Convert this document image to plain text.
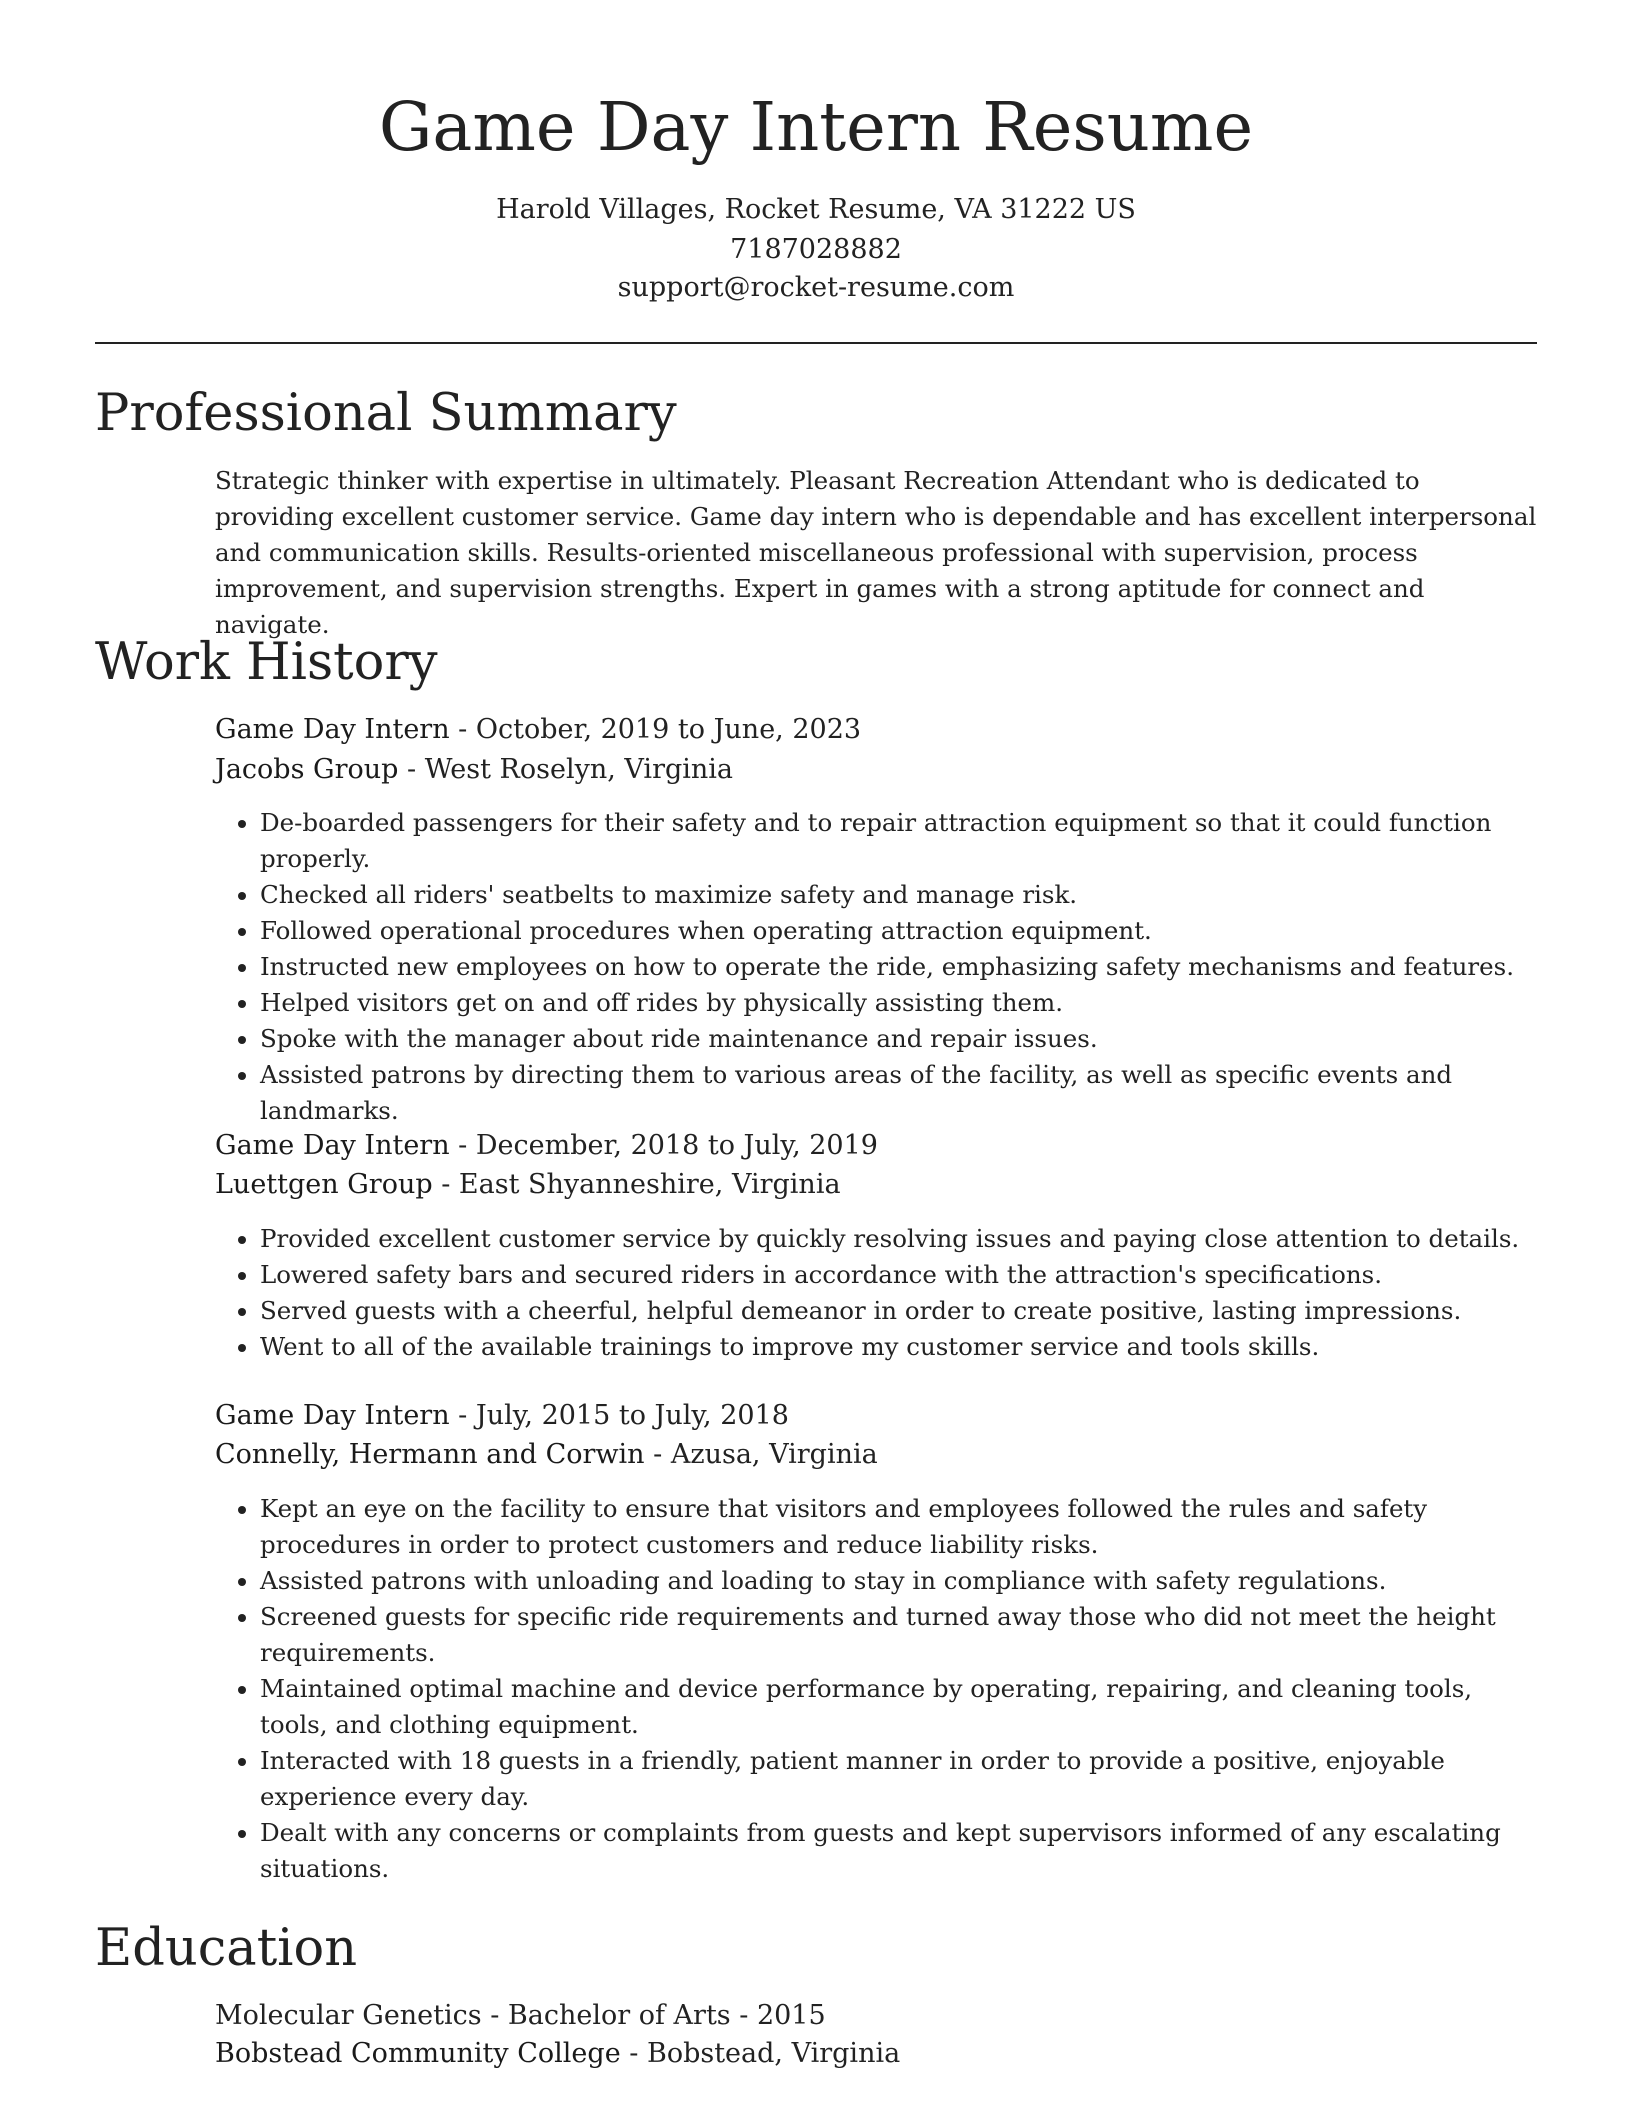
Game Day Intern Resume
Harold Villages, Rocket Resume, VA 31222 US
7187028882
support@rocket-resume.com
Professional Summary

Strategic thinker with expertise in ultimately. Pleasant Recreation Attendant who is dedicated to providing excellent customer service. Game day intern who is dependable and has excellent interpersonal and communication skills. Results-oriented miscellaneous professional with supervision, process improvement, and supervision strengths. Expert in games with a strong aptitude for connect and navigate.

Work History
Game Day Intern - October, 2019 to June, 2023
Jacobs Group - West Roselyn, Virginia
• De-boarded passengers for their safety and to repair attraction equipment so that it could function properly.
• Checked all riders' seatbelts to maximize safety and manage risk.
• Followed operational procedures when operating attraction equipment.
• Instructed new employees on how to operate the ride, emphasizing safety mechanisms and features.
• Helped visitors get on and off rides by physically assisting them.
• Spoke with the manager about ride maintenance and repair issues.
• Assisted patrons by directing them to various areas of the facility, as well as specific events and landmarks.
Game Day Intern - December, 2018 to July, 2019
Luettgen Group - East Shyanneshire, Virginia
• Provided excellent customer service by quickly resolving issues and paying close attention to details.
• Lowered safety bars and secured riders in accordance with the attraction's specifications.
• Served guests with a cheerful, helpful demeanor in order to create positive, lasting impressions.
• Went to all of the available trainings to improve my customer service and tools skills.
Game Day Intern - July, 2015 to July, 2018
Connelly, Hermann and Corwin - Azusa, Virginia
• Kept an eye on the facility to ensure that visitors and employees followed the rules and safety procedures in order to protect customers and reduce liability risks.
• Assisted patrons with unloading and loading to stay in compliance with safety regulations.
• Screened guests for specific ride requirements and turned away those who did not meet the height requirements.
• Maintained optimal machine and device performance by operating, repairing, and cleaning tools, tools, and clothing equipment.
• Interacted with 18 guests in a friendly, patient manner in order to provide a positive, enjoyable experience every day.
• Dealt with any concerns or complaints from guests and kept supervisors informed of any escalating situations.
Education
Molecular Genetics - Bachelor of Arts - 2015
Bobstead Community College - Bobstead, Virginia
